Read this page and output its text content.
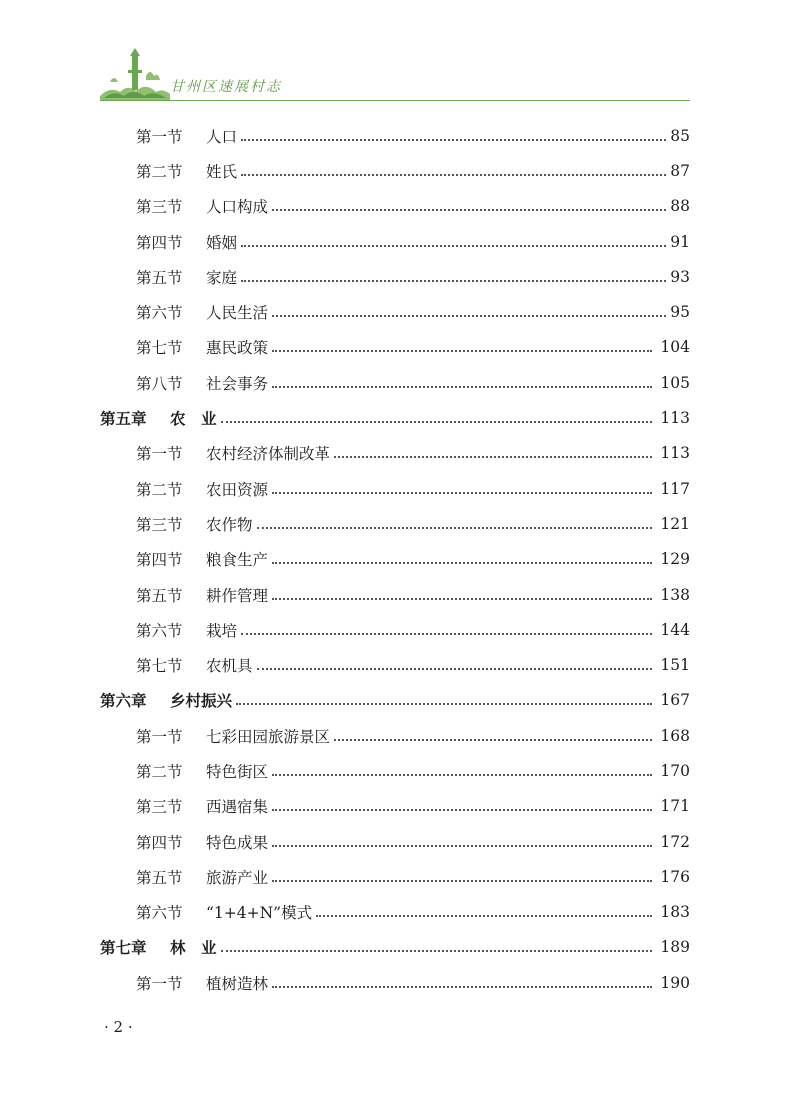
甘州区速展村志
第一节	人口	85
第二节	姓氏	87
第三节	人口构成	88
第四节	婚姻	91
第五节	家庭	93
第六节	人民生活	95
第七节	惠民政策	104
第八节	社会事务	105
第五章	农　业	113
第一节	农村经济体制改革	113
第二节	农田资源	117
第三节	农作物	121
第四节	粮食生产	129
第五节	耕作管理	138
第六节	栽培	144
第七节	农机具	151
第六章	乡村振兴	167
第一节	七彩田园旅游景区	168
第二节	特色街区	170
第三节	西遇宿集	171
第四节	特色成果	172
第五节	旅游产业	176
第六节	“1+4+N”模式	183
第七章	林　业	189
第一节	植树造林	190
· 2 ·
